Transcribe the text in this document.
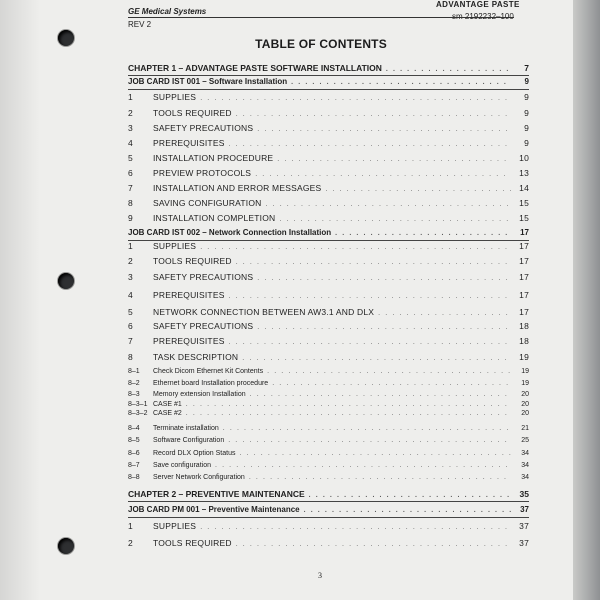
GE Medical Systems
REV 2
ADVANTAGE PASTE
TABLE OF CONTENTS
CHAPTER 1 – ADVANTAGE PASTE SOFTWARE INSTALLATION . . .	7
JOB CARD IST 001 – Software Installation . . .	9
1	SUPPLIES . . .	9
2	TOOLS REQUIRED . . .	9
3	SAFETY PRECAUTIONS . . .	9
4	PREREQUISITES . . .	9
5	INSTALLATION PROCEDURE . . .	10
6	PREVIEW PROTOCOLS . . .	13
7	INSTALLATION AND ERROR MESSAGES . . .	14
8	SAVING CONFIGURATION . . .	15
9	INSTALLATION COMPLETION . . .	15
JOB CARD IST 002 – Network Connection Installation . . .	17
1	SUPPLIES . . .	17
2	TOOLS REQUIRED . . .	17
3	SAFETY PRECAUTIONS . . .	17
4	PREREQUISITES . . .	17
5	NETWORK CONNECTION BETWEEN AW3.1 AND DLX . . .	17
6	SAFETY PRECAUTIONS . . .	18
7	PREREQUISITES . . .	18
8	TASK DESCRIPTION . . .	19
8–1	Check Dicom Ethernet Kit Contents . . .	19
8–2	Ethernet board Installation procedure . . .	19
8–3	Memory extension Installation . . .	20
8–3–1 CASE #1 . . .	20
8–3–2 CASE #2 . . .	20
8–4	Terminate installation . . .	21
8–5	Software Configuration . . .	25
8–6	Record DLX Option Status . . .	34
8–7	Save configuration . . .	34
8–8	Server Network Configuration . . .	34
CHAPTER 2 – PREVENTIVE MAINTENANCE . . .	35
JOB CARD PM 001 – Preventive Maintenance . . .	37
1	SUPPLIES . . .	37
2	TOOLS REQUIRED . . .	37
3
